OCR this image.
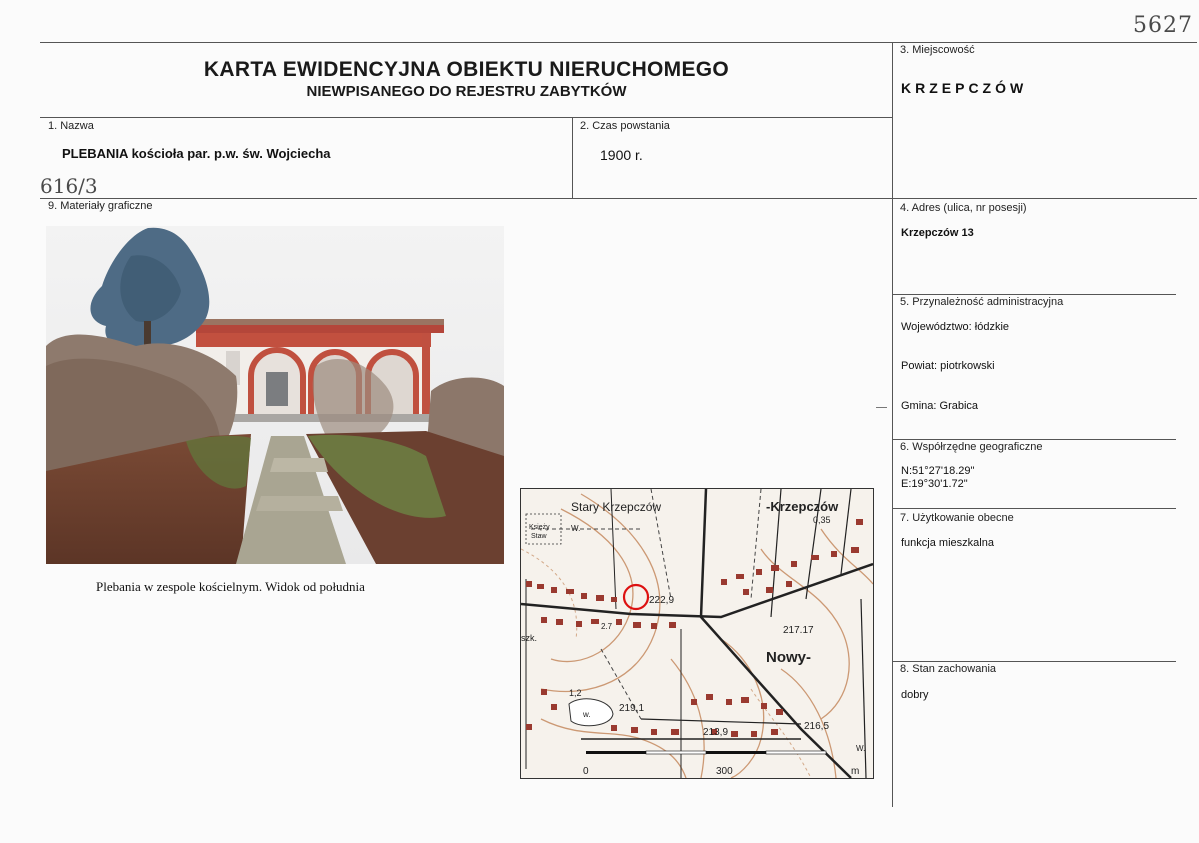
5627
KARTA EWIDENCYJNA OBIEKTU NIERUCHOMEGO
NIEWPISANEGO DO REJESTRU ZABYTKÓW
1. Nazwa
PLEBANIA kościoła par. p.w. św. Wojciecha
616/3
2. Czas powstania
1900 r.
3. Miejscowość
KRZEPCZÓW
4. Adres (ulica, nr posesji)
Krzepczów 13
5. Przynależność administracyjna
Województwo: łódzkie
Powiat: piotrkowski
Gmina: Grabica
6. Współrzędne geograficzne
N:51°27'18.29"
E:19°30'1.72"
7. Użytkowanie obecne
funkcja mieszkalna
8. Stan zachowania
dobry
9. Materiały graficzne
Plebania w zespole kościelnym. Widok od południa
Stary Krzepczów	-Krzepczów
0,35
Księży
Staw
W.
222,9
2.7
szk.
217.17
Nowy-
1,2
w.
219,1
213,9
216,5
W.
0	300	m
